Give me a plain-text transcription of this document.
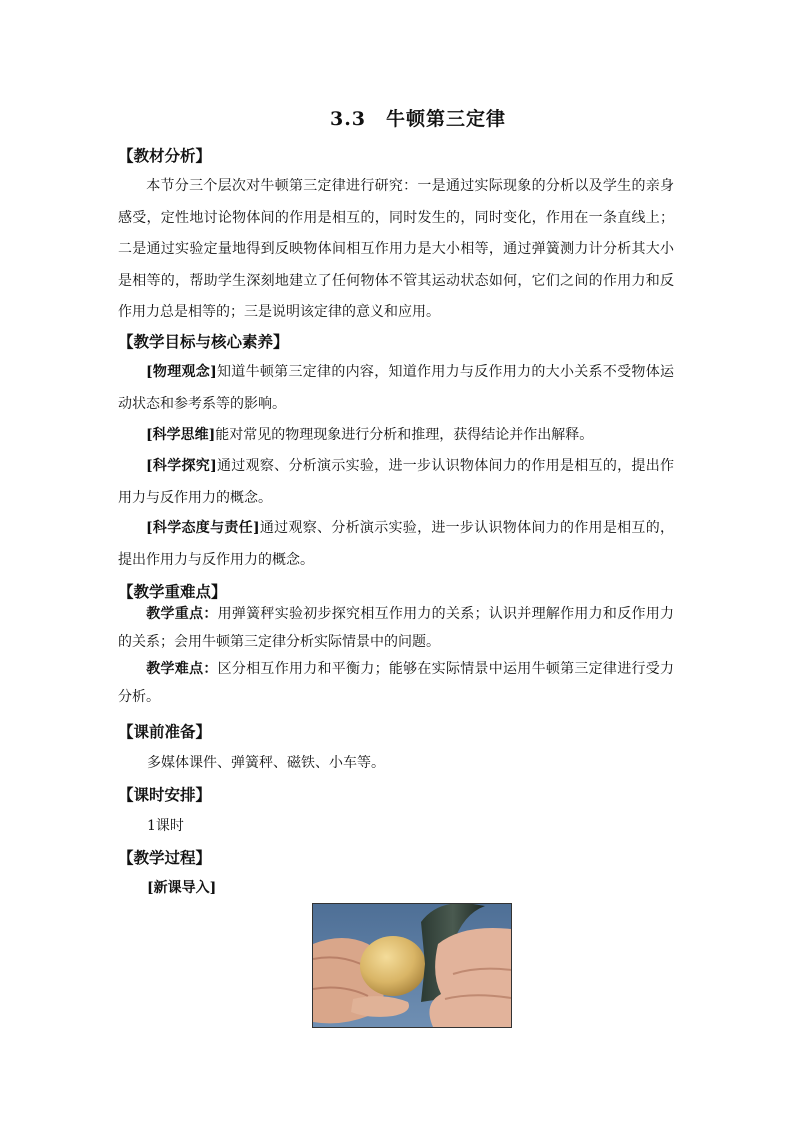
3.3　牛顿第三定律
【教材分析】
本节分三个层次对牛顿第三定律进行研究：一是通过实际现象的分析以及学生的亲身感受，定性地讨论物体间的作用是相互的，同时发生的，同时变化，作用在一条直线上；二是通过实验定量地得到反映物体间相互作用力是大小相等，通过弹簧测力计分析其大小是相等的，帮助学生深刻地建立了任何物体不管其运动状态如何，它们之间的作用力和反作用力总是相等的；三是说明该定律的意义和应用。
【教学目标与核心素养】
[物理观念]知道牛顿第三定律的内容，知道作用力与反作用力的大小关系不受物体运动状态和参考系等的影响。
[科学思维]能对常见的物理现象进行分析和推理，获得结论并作出解释。
[科学探究]通过观察、分析演示实验，进一步认识物体间力的作用是相互的，提出作用力与反作用力的概念。
[科学态度与责任]通过观察、分析演示实验，进一步认识物体间力的作用是相互的，提出作用力与反作用力的概念。
【教学重难点】
教学重点：用弹簧秤实验初步探究相互作用力的关系；认识并理解作用力和反作用力的关系；会用牛顿第三定律分析实际情景中的问题。
教学难点：区分相互作用力和平衡力；能够在实际情景中运用牛顿第三定律进行受力分析。
【课前准备】
多媒体课件、弹簧秤、磁铁、小车等。
【课时安排】
1课时
【教学过程】
[新课导入]
